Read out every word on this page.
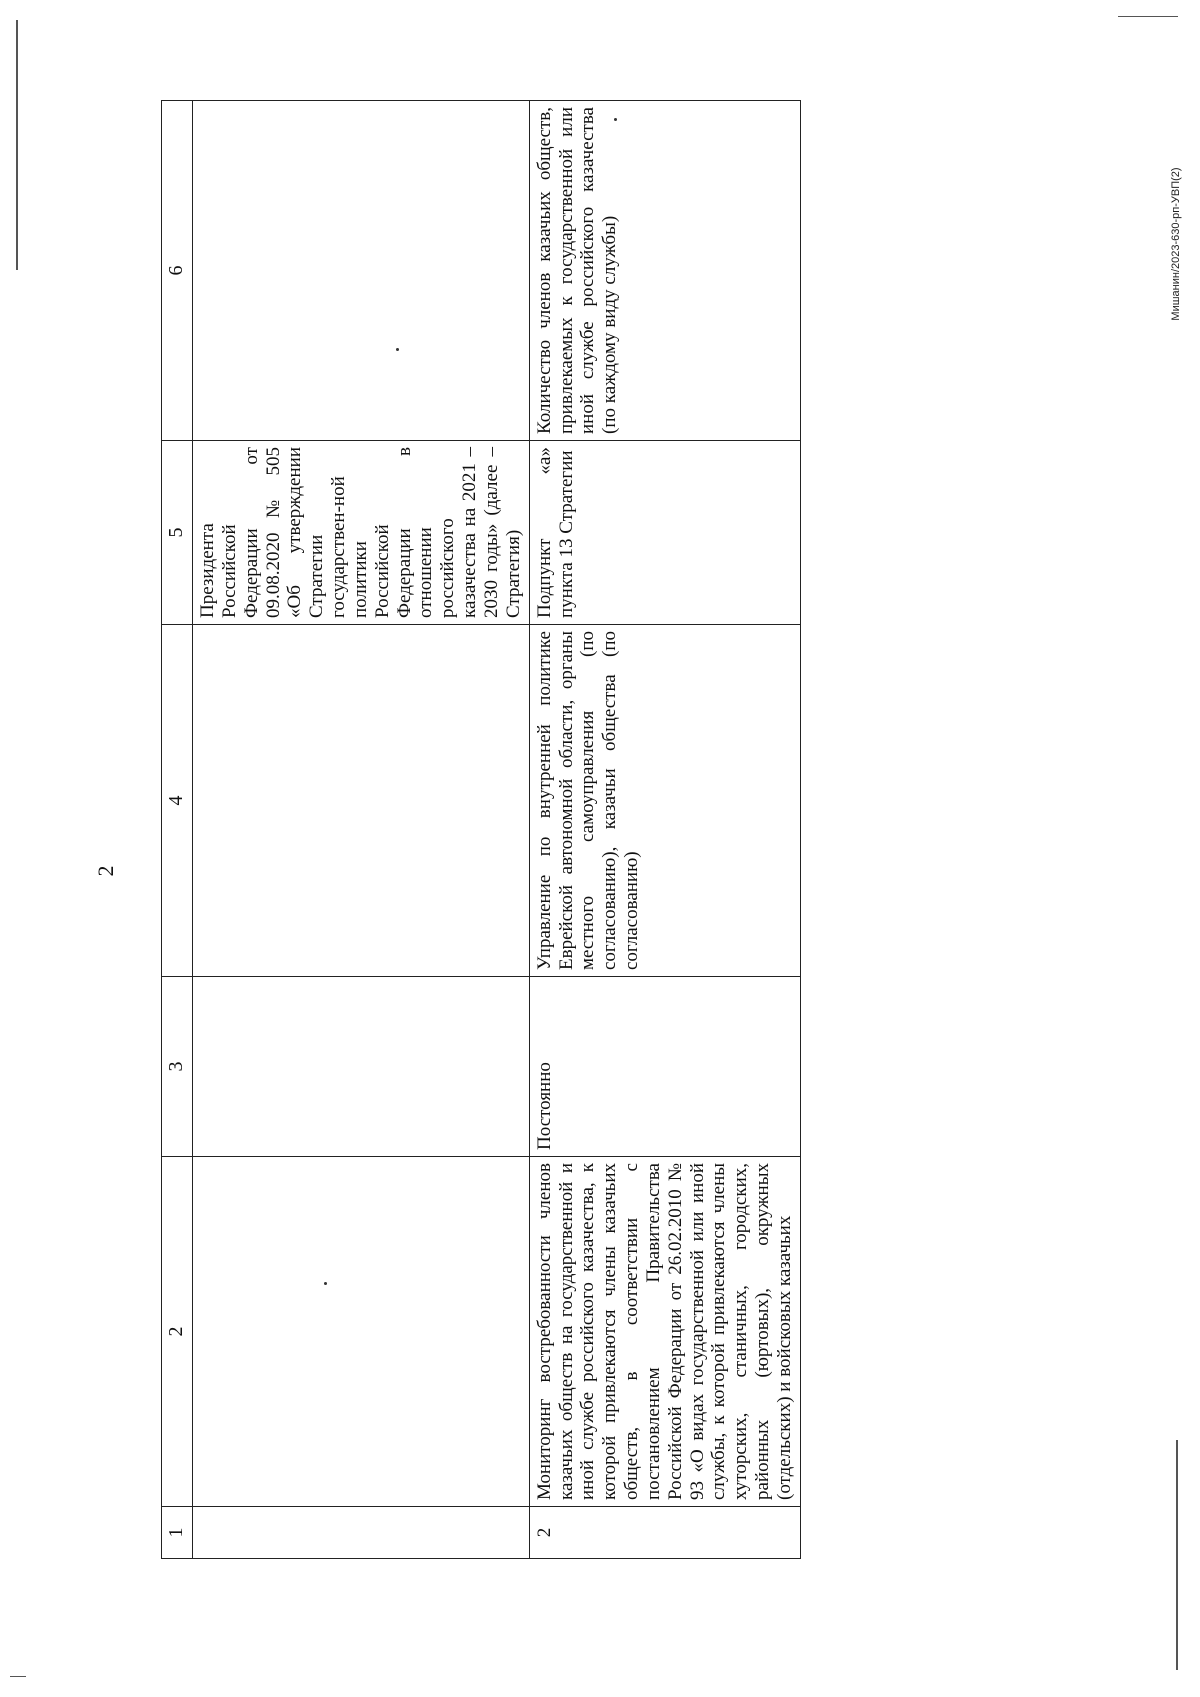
2
Мишанин/2023-630-рп-УВП(2)
1	2	3	4	5	6
				Президента Российской Федерации от 09.08.2020 № 505 «Об утверждении Стратегии государствен-ной политики Российской Федерации в отношении российского казачества на 2021 – 2030 годы» (далее – Стратегия)	
2	Мониторинг востребованности членов казачьих обществ на государственной и иной службе российского казачества, к которой привлекаются члены казачьих обществ, в соответствии с постановлением Правительства Российской Федерации от 26.02.2010 № 93 «О видах государственной или иной службы, к которой привлекаются члены хуторских, станичных, городских, районных (юртовых), окружных (отдельских) и войсковых казачьих	Постоянно	Управление по внутренней политике Еврейской автономной области, органы местного самоуправления (по согласованию), казачьи общества (по согласованию)	Подпункт «а» пункта 13 Стратегии	Количество членов казачьих обществ, привлекаемых к государственной или иной службе российского казачества (по каждому виду службы)
